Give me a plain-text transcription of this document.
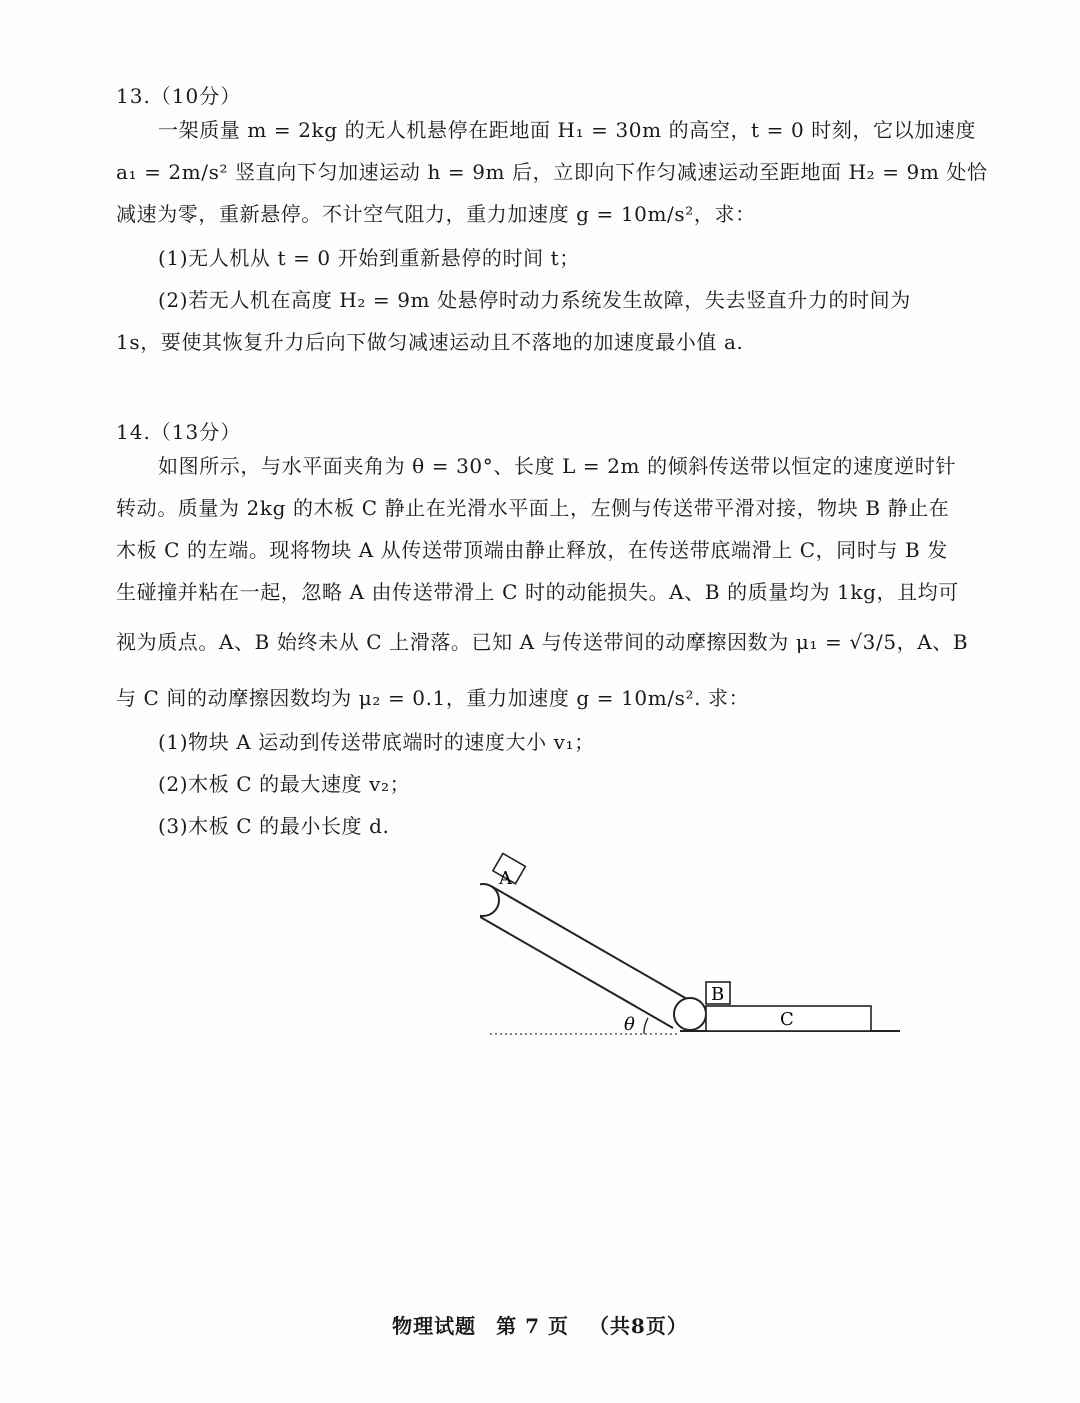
13.（10分）
一架质量 m = 2kg 的无人机悬停在距地面 H₁ = 30m 的高空，t = 0 时刻，它以加速度
a₁ = 2m/s² 竖直向下匀加速运动 h = 9m 后，立即向下作匀减速运动至距地面 H₂ = 9m 处恰
减速为零，重新悬停。不计空气阻力，重力加速度 g = 10m/s²，求：
(1)无人机从 t = 0 开始到重新悬停的时间 t；
(2)若无人机在高度 H₂ = 9m 处悬停时动力系统发生故障，失去竖直升力的时间为
1s，要使其恢复升力后向下做匀减速运动且不落地的加速度最小值 a.
14.（13分）
如图所示，与水平面夹角为 θ = 30°、长度 L = 2m 的倾斜传送带以恒定的速度逆时针
转动。质量为 2kg 的木板 C 静止在光滑水平面上，左侧与传送带平滑对接，物块 B 静止在
木板 C 的左端。现将物块 A 从传送带顶端由静止释放，在传送带底端滑上 C，同时与 B 发
生碰撞并粘在一起，忽略 A 由传送带滑上 C 时的动能损失。A、B 的质量均为 1kg，且均可
视为质点。A、B 始终未从 C 上滑落。已知 A 与传送带间的动摩擦因数为 μ₁ = √3/5，A、B
与 C 间的动摩擦因数均为 μ₂ = 0.1，重力加速度 g = 10m/s². 求：
(1)物块 A 运动到传送带底端时的速度大小 v₁；
(2)木板 C 的最大速度 v₂；
(3)木板 C 的最小长度 d.
A
B
C
θ
物理试题 第 7 页 （共8页）
